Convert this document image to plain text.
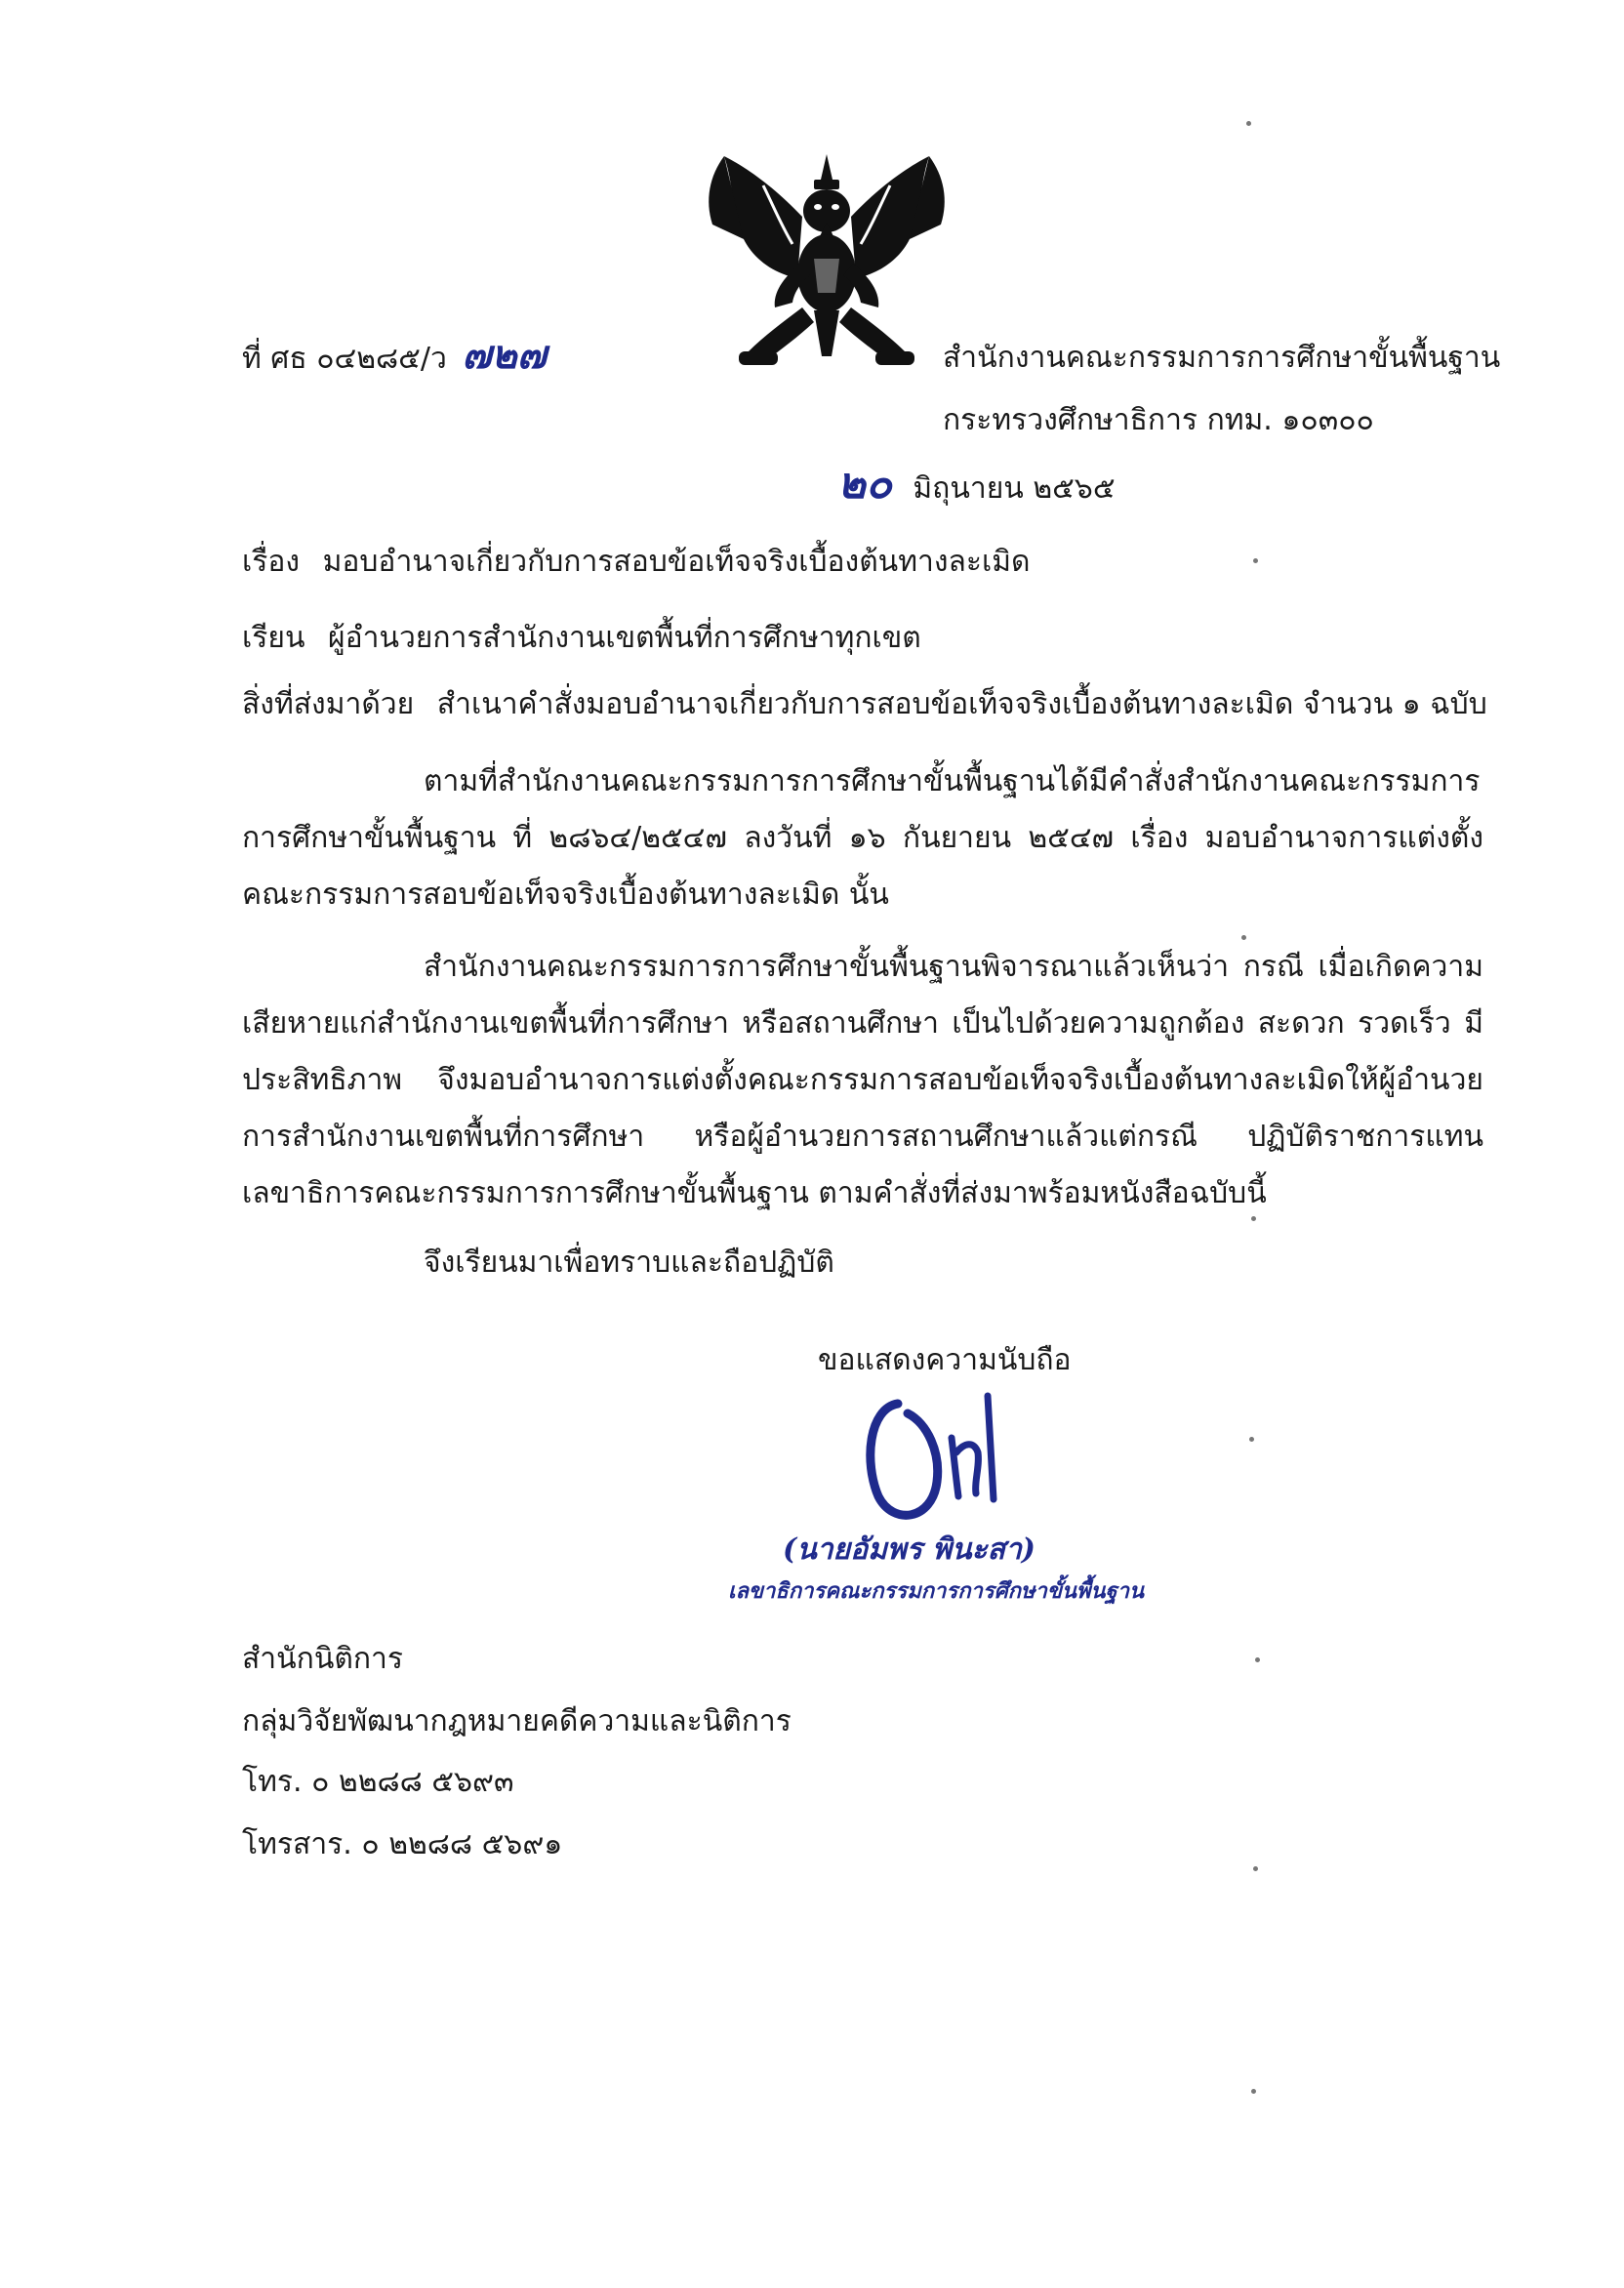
ที่ ศธ ๐๔๒๘๕/ว ๗๒๗	สำนักงานคณะกรรมการการศึกษาขั้นพื้นฐาน
กระทรวงศึกษาธิการ กทม. ๑๐๓๐๐
๒๐ มิถุนายน ๒๕๖๕
เรื่อง มอบอำนาจเกี่ยวกับการสอบข้อเท็จจริงเบื้องต้นทางละเมิด
เรียน ผู้อำนวยการสำนักงานเขตพื้นที่การศึกษาทุกเขต
สิ่งที่ส่งมาด้วย สำเนาคำสั่งมอบอำนาจเกี่ยวกับการสอบข้อเท็จจริงเบื้องต้นทางละเมิด จำนวน ๑ ฉบับ
ตามที่สำนักงานคณะกรรมการการศึกษาขั้นพื้นฐานได้มีคำสั่งสำนักงานคณะกรรมการการศึกษาขั้นพื้นฐาน ที่ ๒๘๖๔/๒๕๔๗ ลงวันที่ ๑๖ กันยายน ๒๕๔๗ เรื่อง มอบอำนาจการแต่งตั้งคณะกรรมการสอบข้อเท็จจริงเบื้องต้นทางละเมิด นั้น
สำนักงานคณะกรรมการการศึกษาขั้นพื้นฐานพิจารณาแล้วเห็นว่า กรณี เมื่อเกิดความเสียหายแก่สำนักงานเขตพื้นที่การศึกษา หรือสถานศึกษา เป็นไปด้วยความถูกต้อง สะดวก รวดเร็ว มีประสิทธิภาพ จึงมอบอำนาจการแต่งตั้งคณะกรรมการสอบข้อเท็จจริงเบื้องต้นทางละเมิดให้ผู้อำนวยการสำนักงานเขตพื้นที่การศึกษา หรือผู้อำนวยการสถานศึกษาแล้วแต่กรณี ปฏิบัติราชการแทนเลขาธิการคณะกรรมการการศึกษาขั้นพื้นฐาน ตามคำสั่งที่ส่งมาพร้อมหนังสือฉบับนี้
จึงเรียนมาเพื่อทราบและถือปฏิบัติ
ขอแสดงความนับถือ
(นายอัมพร พินะสา)
เลขาธิการคณะกรรมการการศึกษาขั้นพื้นฐาน
สำนักนิติการ
กลุ่มวิจัยพัฒนากฎหมายคดีความและนิติการ
โทร. ๐ ๒๒๘๘ ๕๖๙๓
โทรสาร. ๐ ๒๒๘๘ ๕๖๙๑
